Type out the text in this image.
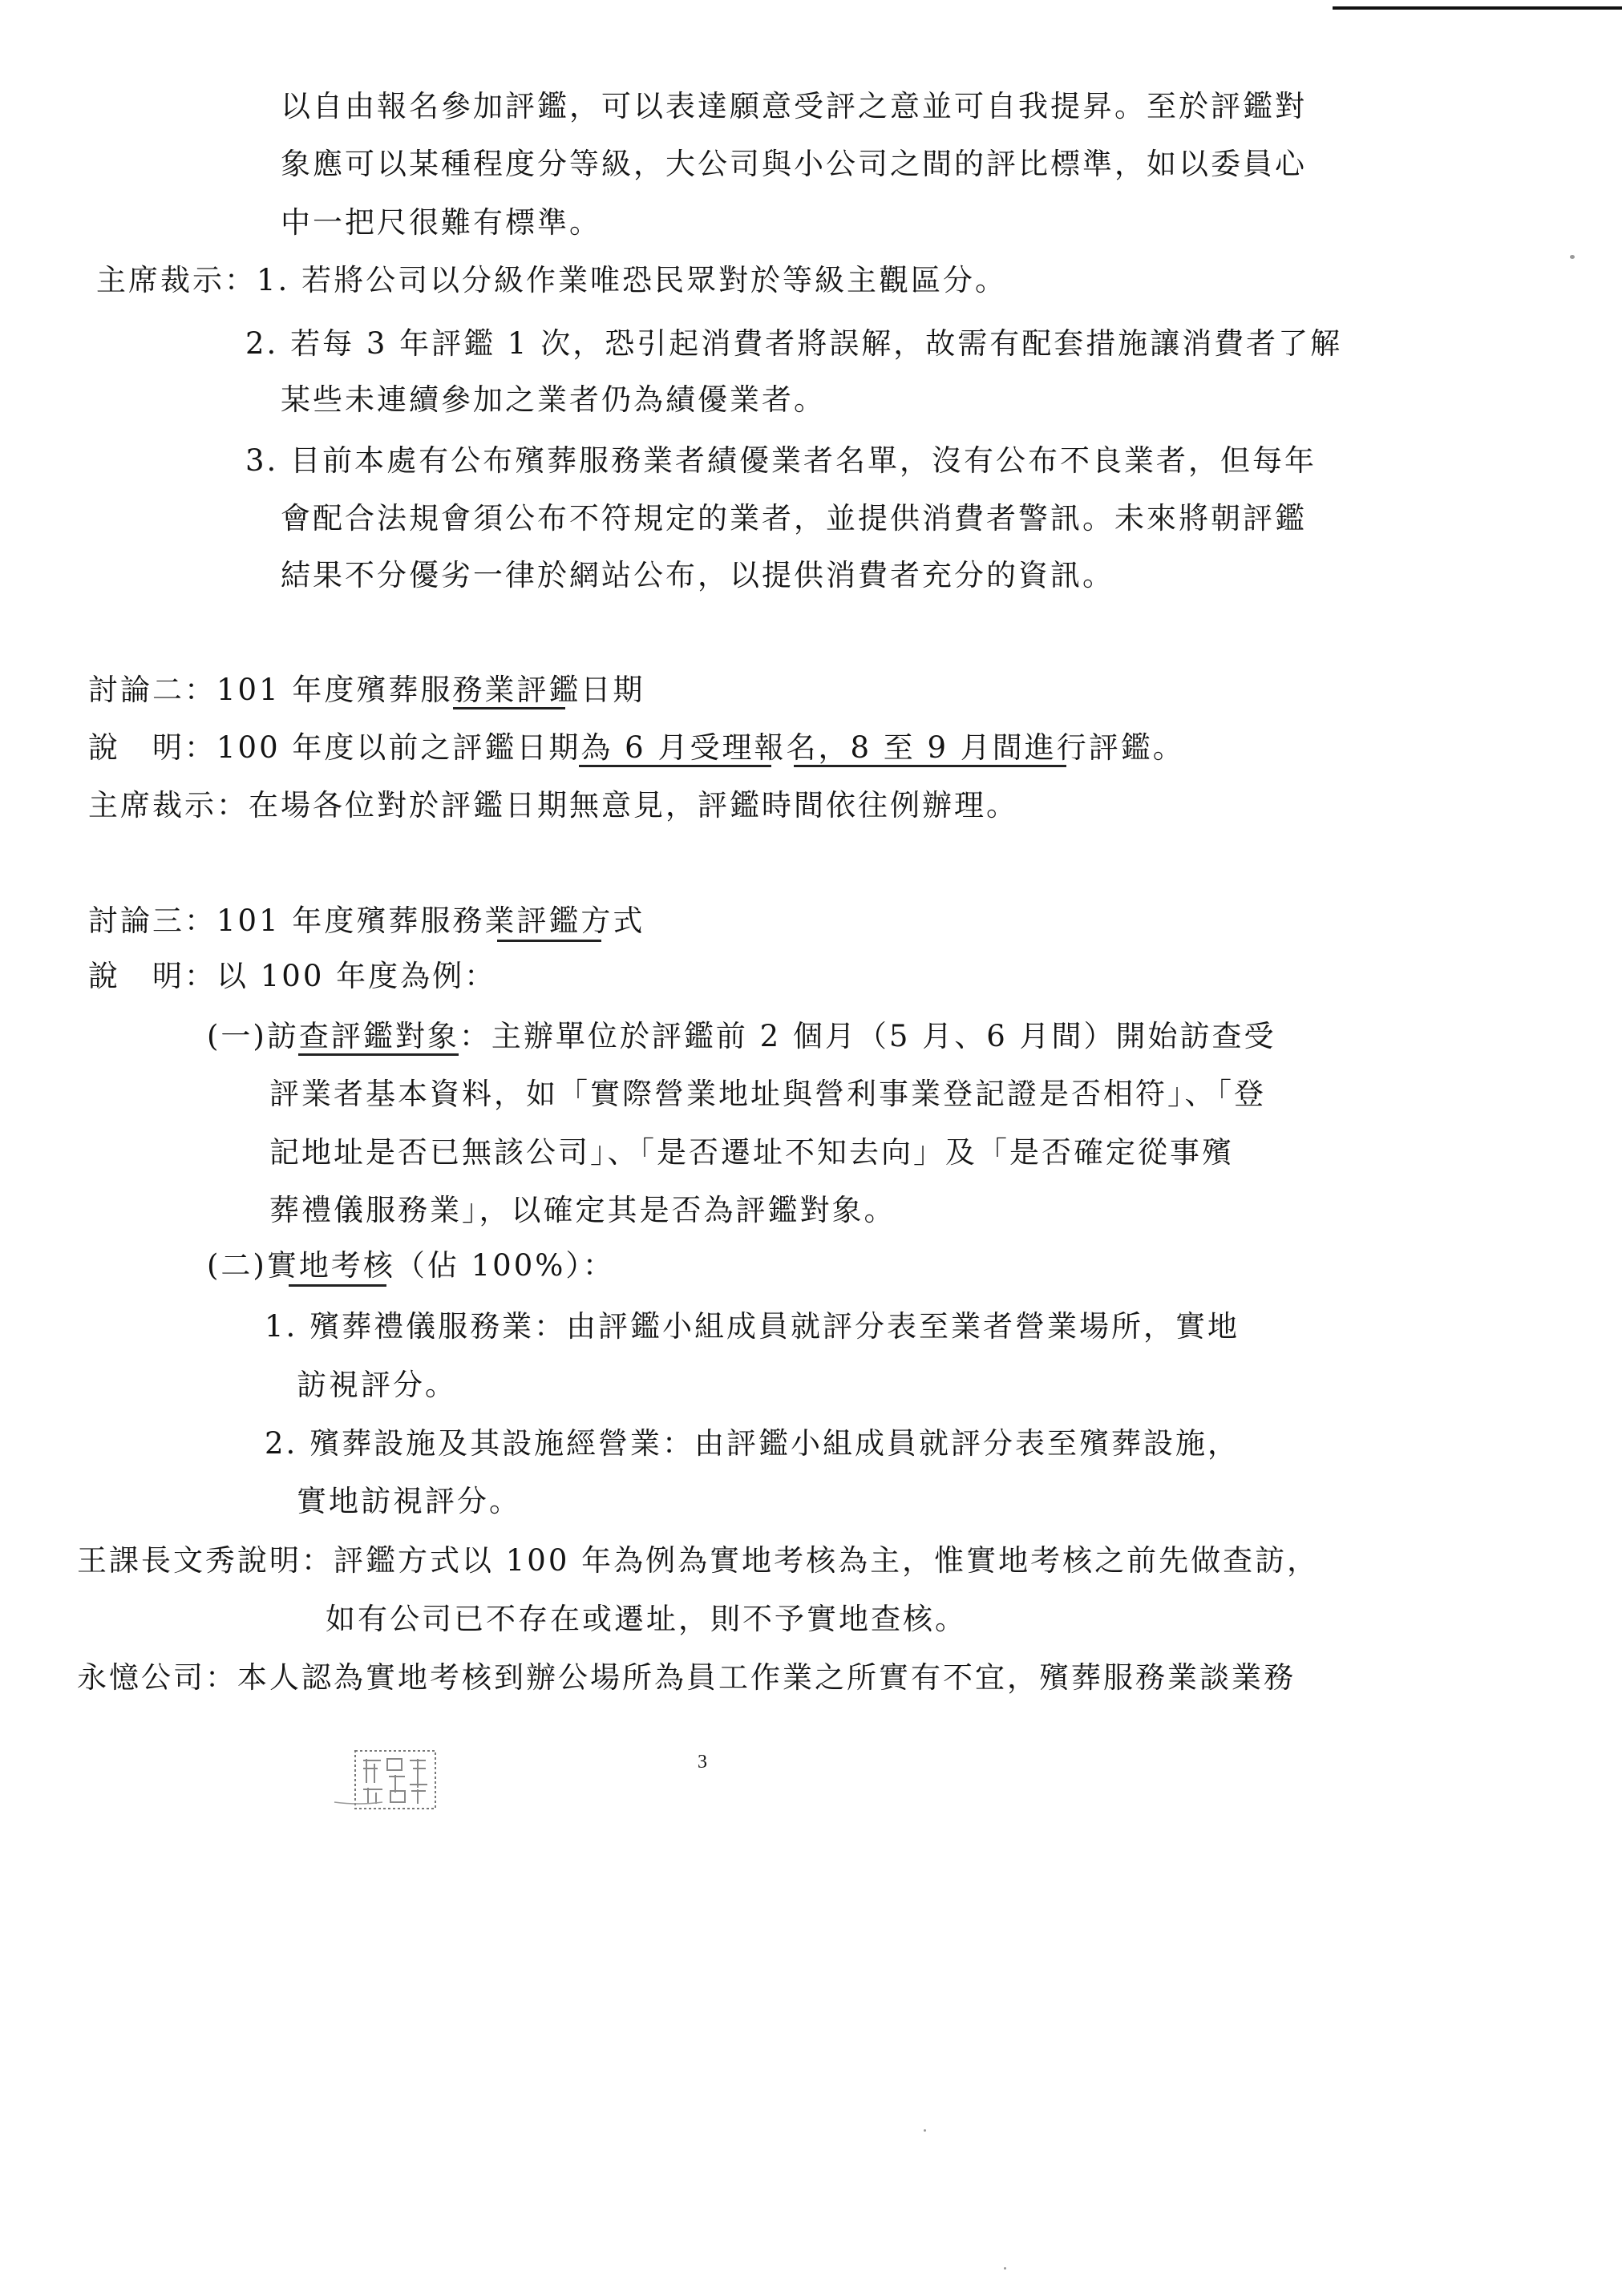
以自由報名參加評鑑，可以表達願意受評之意並可自我提昇。至於評鑑對
象應可以某種程度分等級，大公司與小公司之間的評比標準，如以委員心
中一把尺很難有標準。
主席裁示：1. 若將公司以分級作業唯恐民眾對於等級主觀區分。
2. 若每 3 年評鑑 1 次，恐引起消費者將誤解，故需有配套措施讓消費者了解
某些未連續參加之業者仍為績優業者。
3. 目前本處有公布殯葬服務業者績優業者名單，沒有公布不良業者，但每年
會配合法規會須公布不符規定的業者，並提供消費者警訊。未來將朝評鑑
結果不分優劣一律於網站公布，以提供消費者充分的資訊。
討論二：101 年度殯葬服務業評鑑日期
說　明：100 年度以前之評鑑日期為 6 月受理報名，8 至 9 月間進行評鑑。
主席裁示：在場各位對於評鑑日期無意見，評鑑時間依往例辦理。
討論三：101 年度殯葬服務業評鑑方式
說　明：以 100 年度為例：
(一)訪查評鑑對象：主辦單位於評鑑前 2 個月（5 月、6 月間）開始訪查受
評業者基本資料，如「實際營業地址與營利事業登記證是否相符」、「登
記地址是否已無該公司」、「是否遷址不知去向」及「是否確定從事殯
葬禮儀服務業」，以確定其是否為評鑑對象。
(二)實地考核（佔 100%）：
1. 殯葬禮儀服務業：由評鑑小組成員就評分表至業者營業場所，實地
訪視評分。
2. 殯葬設施及其設施經營業：由評鑑小組成員就評分表至殯葬設施，
實地訪視評分。
王課長文秀說明：評鑑方式以 100 年為例為實地考核為主，惟實地考核之前先做查訪，
如有公司已不存在或遷址，則不予實地查核。
永憶公司：本人認為實地考核到辦公場所為員工作業之所實有不宜，殯葬服務業談業務
3
